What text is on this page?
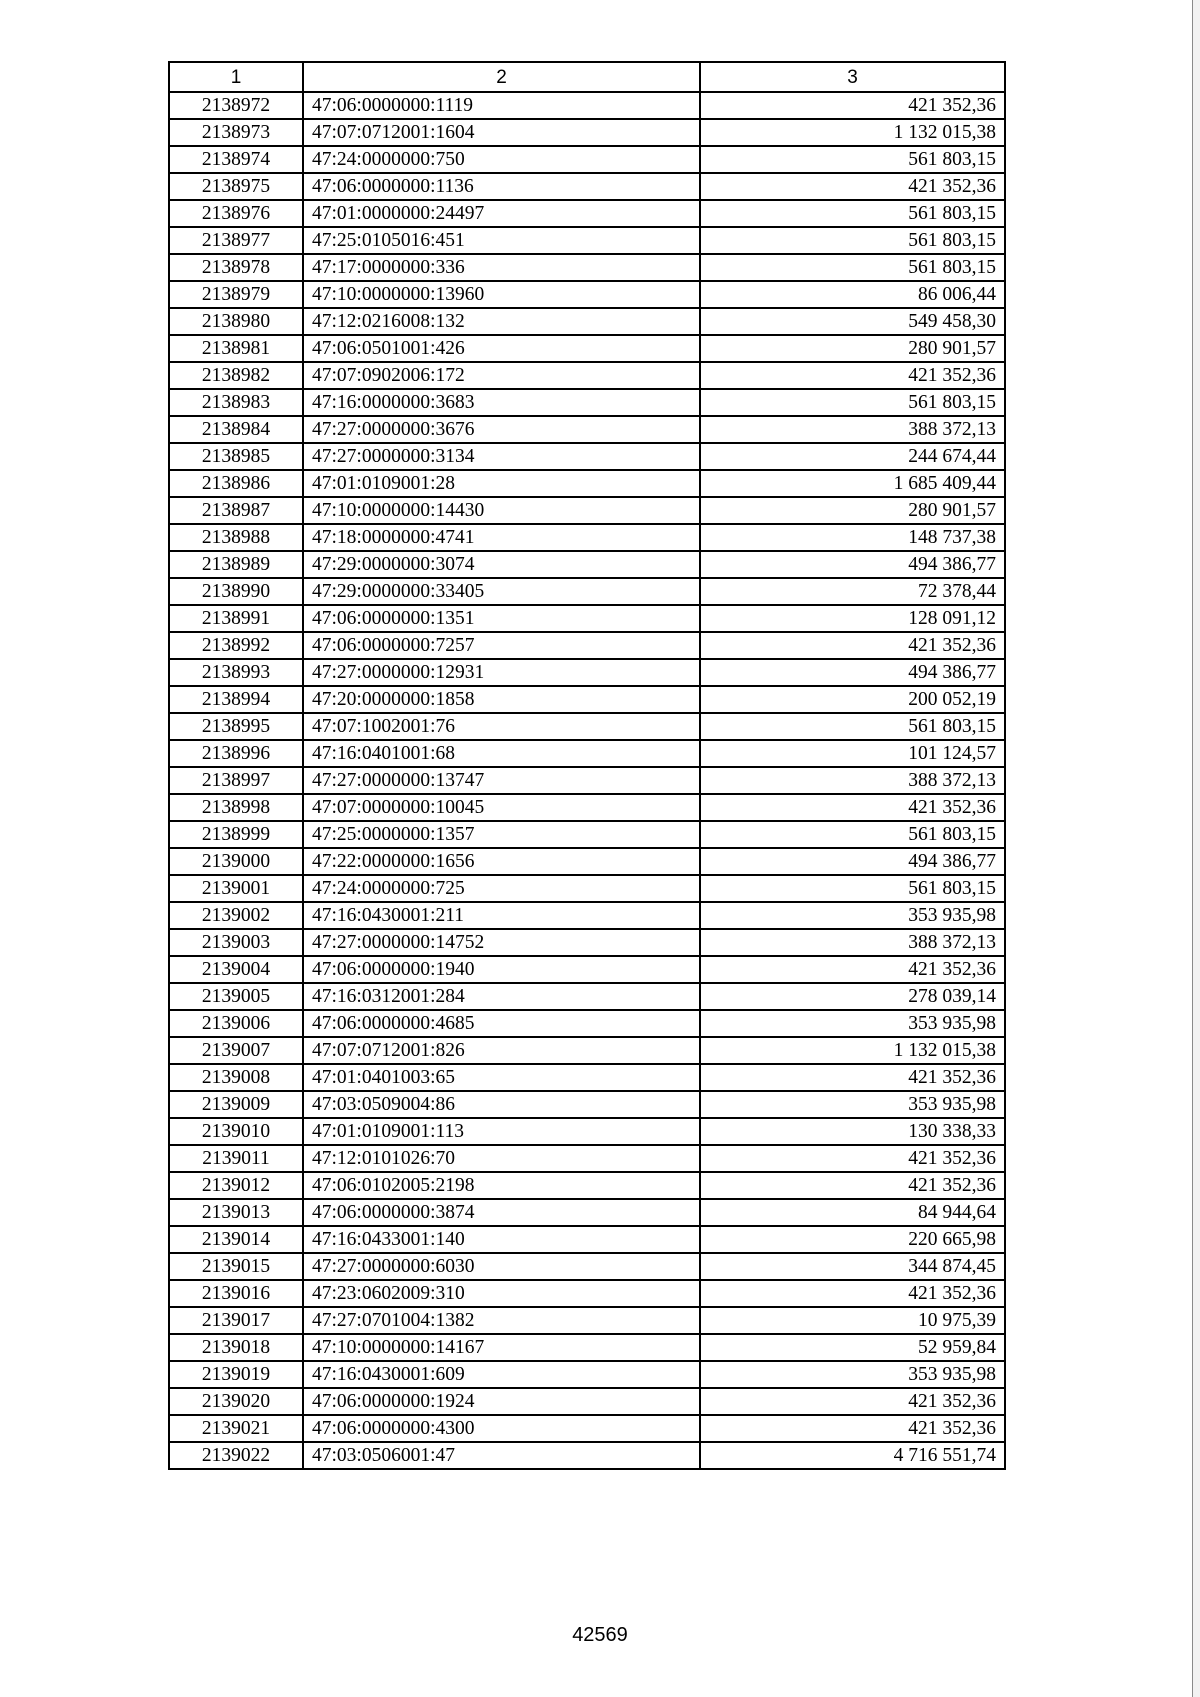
1	2	3
2138972	47:06:0000000:1119	421 352,36
2138973	47:07:0712001:1604	1 132 015,38
2138974	47:24:0000000:750	561 803,15
2138975	47:06:0000000:1136	421 352,36
2138976	47:01:0000000:24497	561 803,15
2138977	47:25:0105016:451	561 803,15
2138978	47:17:0000000:336	561 803,15
2138979	47:10:0000000:13960	86 006,44
2138980	47:12:0216008:132	549 458,30
2138981	47:06:0501001:426	280 901,57
2138982	47:07:0902006:172	421 352,36
2138983	47:16:0000000:3683	561 803,15
2138984	47:27:0000000:3676	388 372,13
2138985	47:27:0000000:3134	244 674,44
2138986	47:01:0109001:28	1 685 409,44
2138987	47:10:0000000:14430	280 901,57
2138988	47:18:0000000:4741	148 737,38
2138989	47:29:0000000:3074	494 386,77
2138990	47:29:0000000:33405	72 378,44
2138991	47:06:0000000:1351	128 091,12
2138992	47:06:0000000:7257	421 352,36
2138993	47:27:0000000:12931	494 386,77
2138994	47:20:0000000:1858	200 052,19
2138995	47:07:1002001:76	561 803,15
2138996	47:16:0401001:68	101 124,57
2138997	47:27:0000000:13747	388 372,13
2138998	47:07:0000000:10045	421 352,36
2138999	47:25:0000000:1357	561 803,15
2139000	47:22:0000000:1656	494 386,77
2139001	47:24:0000000:725	561 803,15
2139002	47:16:0430001:211	353 935,98
2139003	47:27:0000000:14752	388 372,13
2139004	47:06:0000000:1940	421 352,36
2139005	47:16:0312001:284	278 039,14
2139006	47:06:0000000:4685	353 935,98
2139007	47:07:0712001:826	1 132 015,38
2139008	47:01:0401003:65	421 352,36
2139009	47:03:0509004:86	353 935,98
2139010	47:01:0109001:113	130 338,33
2139011	47:12:0101026:70	421 352,36
2139012	47:06:0102005:2198	421 352,36
2139013	47:06:0000000:3874	84 944,64
2139014	47:16:0433001:140	220 665,98
2139015	47:27:0000000:6030	344 874,45
2139016	47:23:0602009:310	421 352,36
2139017	47:27:0701004:1382	10 975,39
2139018	47:10:0000000:14167	52 959,84
2139019	47:16:0430001:609	353 935,98
2139020	47:06:0000000:1924	421 352,36
2139021	47:06:0000000:4300	421 352,36
2139022	47:03:0506001:47	4 716 551,74
42569
